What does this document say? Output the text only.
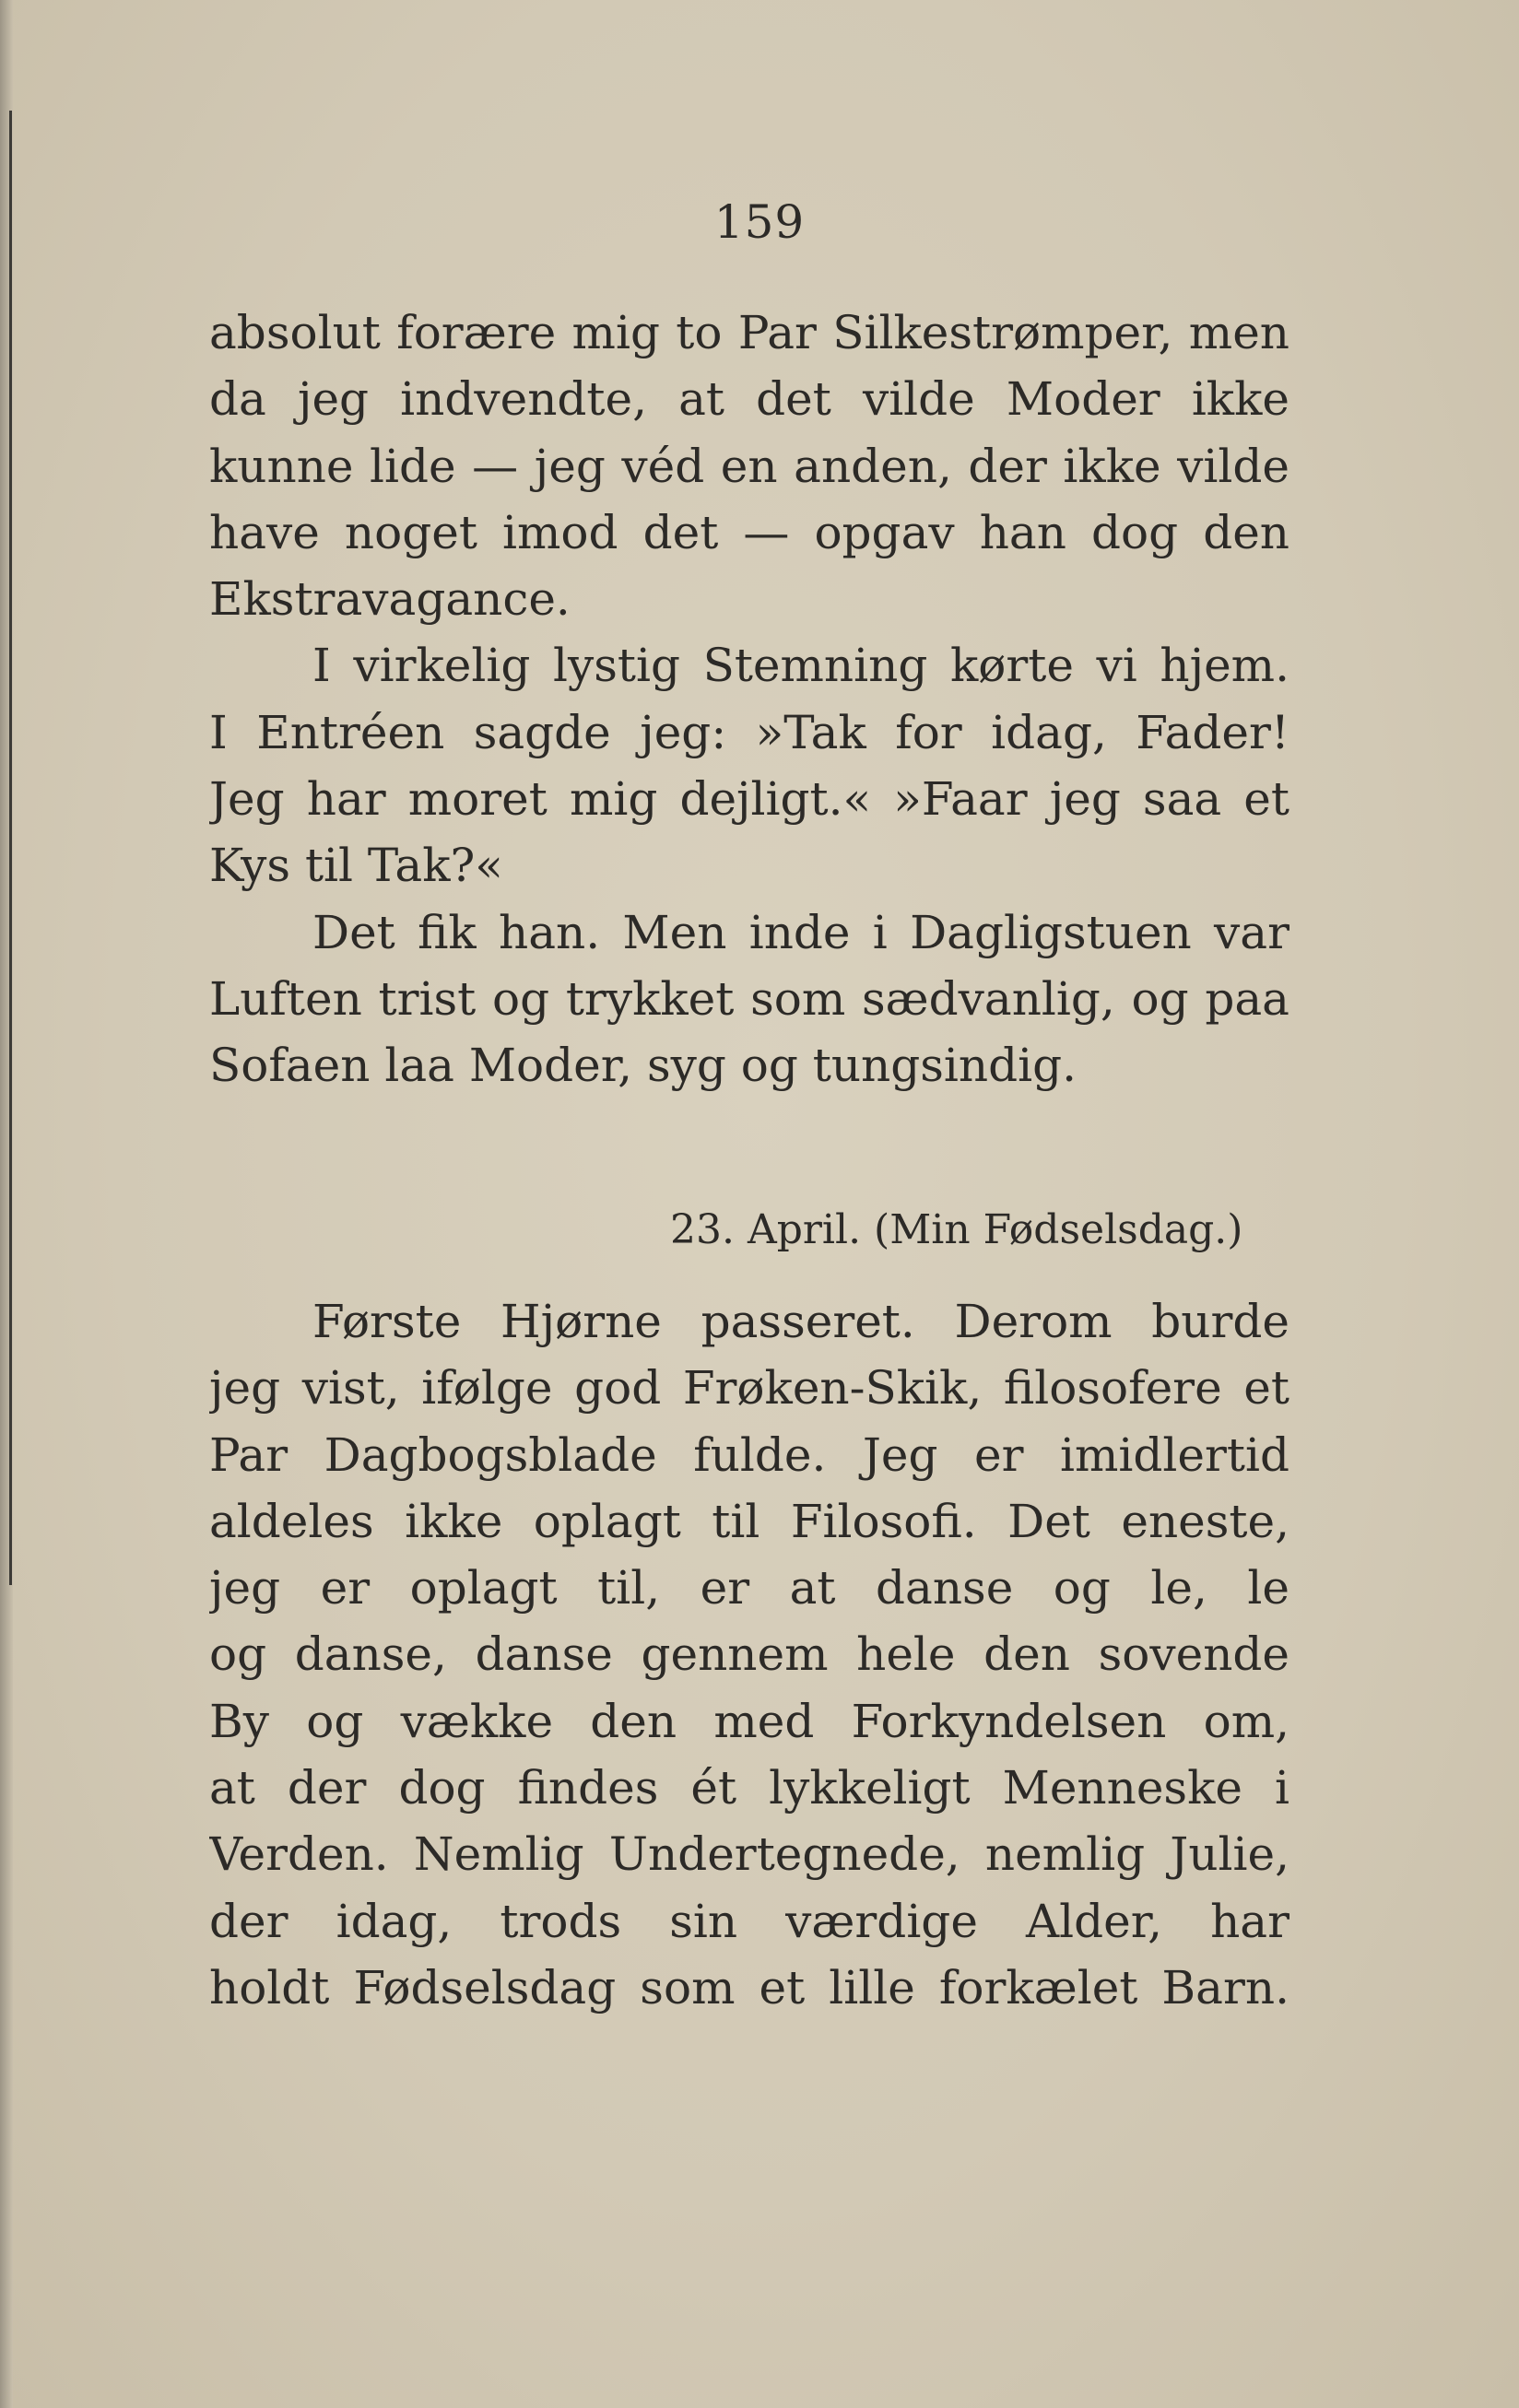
159
absolut forære mig to Par Silkestrømper, men
da jeg indvendte, at det vilde Moder ikke
kunne lide — jeg véd en anden, der ikke vilde
have noget imod det — opgav han dog den
Ekstravagance.
I virkelig lystig Stemning kørte vi hjem.
I Entréen sagde jeg: »Tak for idag, Fader!
Jeg har moret mig dejligt.« »Faar jeg saa et
Kys til Tak?«
Det fik han. Men inde i Dagligstuen var
Luften trist og trykket som sædvanlig, og paa
Sofaen laa Moder, syg og tungsindig.
23. April. (Min Fødselsdag.)
Første Hjørne passeret. Derom burde
jeg vist, ifølge god Frøken-Skik, filosofere et
Par Dagbogsblade fulde. Jeg er imidlertid
aldeles ikke oplagt til Filosofi. Det eneste,
jeg er oplagt til, er at danse og le, le
og danse, danse gennem hele den sovende
By og vække den med Forkyndelsen om,
at der dog findes ét lykkeligt Menneske i
Verden. Nemlig Undertegnede, nemlig Julie,
der idag, trods sin værdige Alder, har
holdt Fødselsdag som et lille forkælet Barn.
